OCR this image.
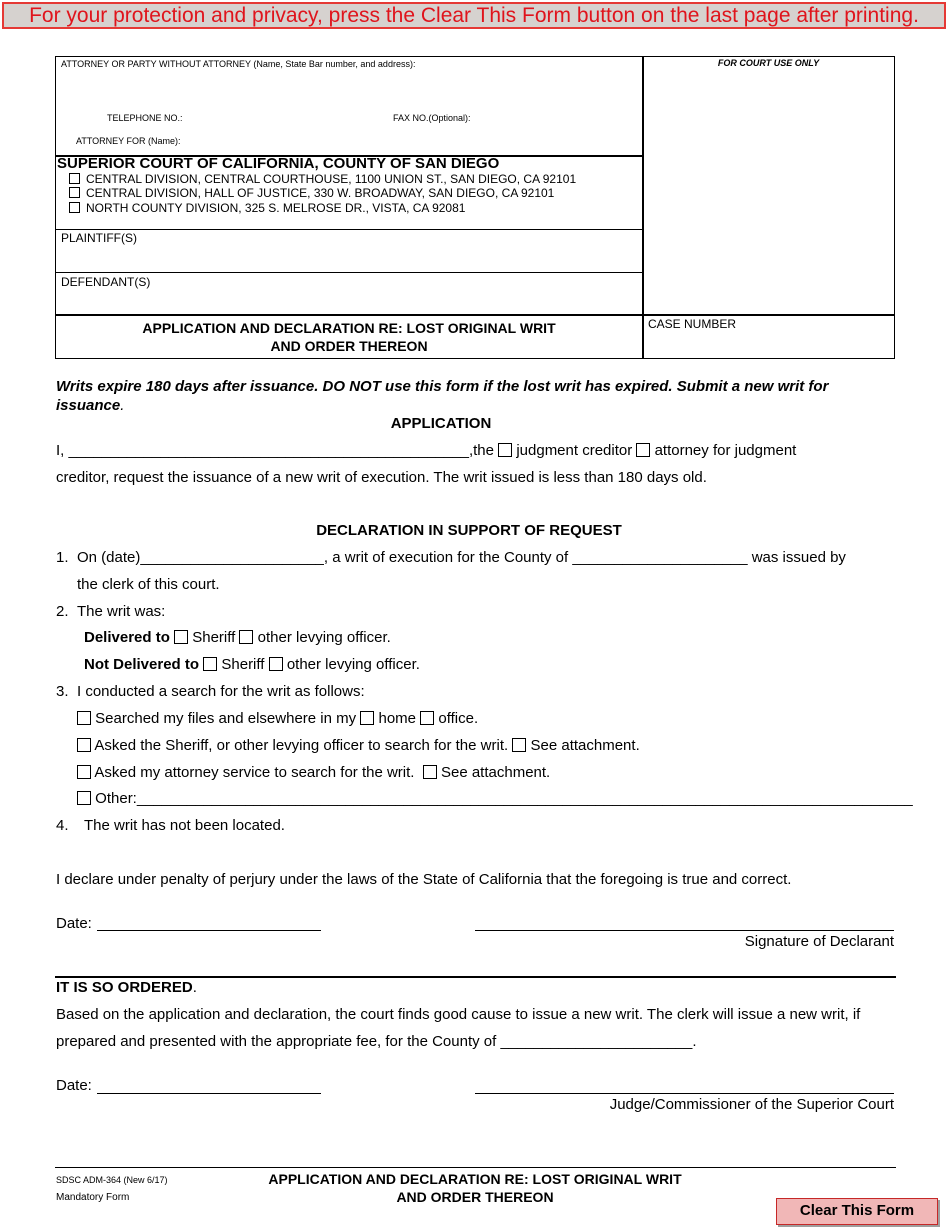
For your protection and privacy, press the Clear This Form button on the last page after printing.
ATTORNEY OR PARTY WITHOUT ATTORNEY (Name, State Bar number, and address):	FOR COURT USE ONLY
TELEPHONE NO.:	FAX NO.(Optional):
ATTORNEY FOR (Name):
SUPERIOR COURT OF CALIFORNIA, COUNTY OF SAN DIEGO
CENTRAL DIVISION, CENTRAL COURTHOUSE, 1100 UNION ST., SAN DIEGO, CA 92101
CENTRAL DIVISION, HALL OF JUSTICE, 330 W. BROADWAY, SAN DIEGO, CA 92101
NORTH COUNTY DIVISION, 325 S. MELROSE DR., VISTA, CA 92081
PLAINTIFF(S)
DEFENDANT(S)
APPLICATION AND DECLARATION RE: LOST ORIGINAL WRIT
AND ORDER THEREON
CASE NUMBER
Writs expire 180 days after issuance. DO NOT use this form if the lost writ has expired. Submit a new writ for
issuance.
APPLICATION
I, ________________________________________________,the judgment creditor attorney for judgment
creditor, request the issuance of a new writ of execution. The writ issued is less than 180 days old.
DECLARATION IN SUPPORT OF REQUEST
1. On (date)______________________, a writ of execution for the County of _____________________ was issued by
the clerk of this court.
2. The writ was:
Delivered to Sheriff other levying officer.
Not Delivered to Sheriff other levying officer.
3. I conducted a search for the writ as follows:
Searched my files and elsewhere in my home office.
Asked the Sheriff, or other levying officer to search for the writ. See attachment.
Asked my attorney service to search for the writ. See attachment.
Other:_____________________________________________________________________________________________
4. The writ has not been located.
I declare under penalty of perjury under the laws of the State of California that the foregoing is true and correct.
Date:
Signature of Declarant
IT IS SO ORDERED.
Based on the application and declaration, the court finds good cause to issue a new writ. The clerk will issue a new writ, if
prepared and presented with the appropriate fee, for the County of _______________________.
Date:
Judge/Commissioner of the Superior Court
SDSC ADM-364 (New 6/17)
Mandatory Form
APPLICATION AND DECLARATION RE: LOST ORIGINAL WRIT
AND ORDER THEREON
Clear This Form
